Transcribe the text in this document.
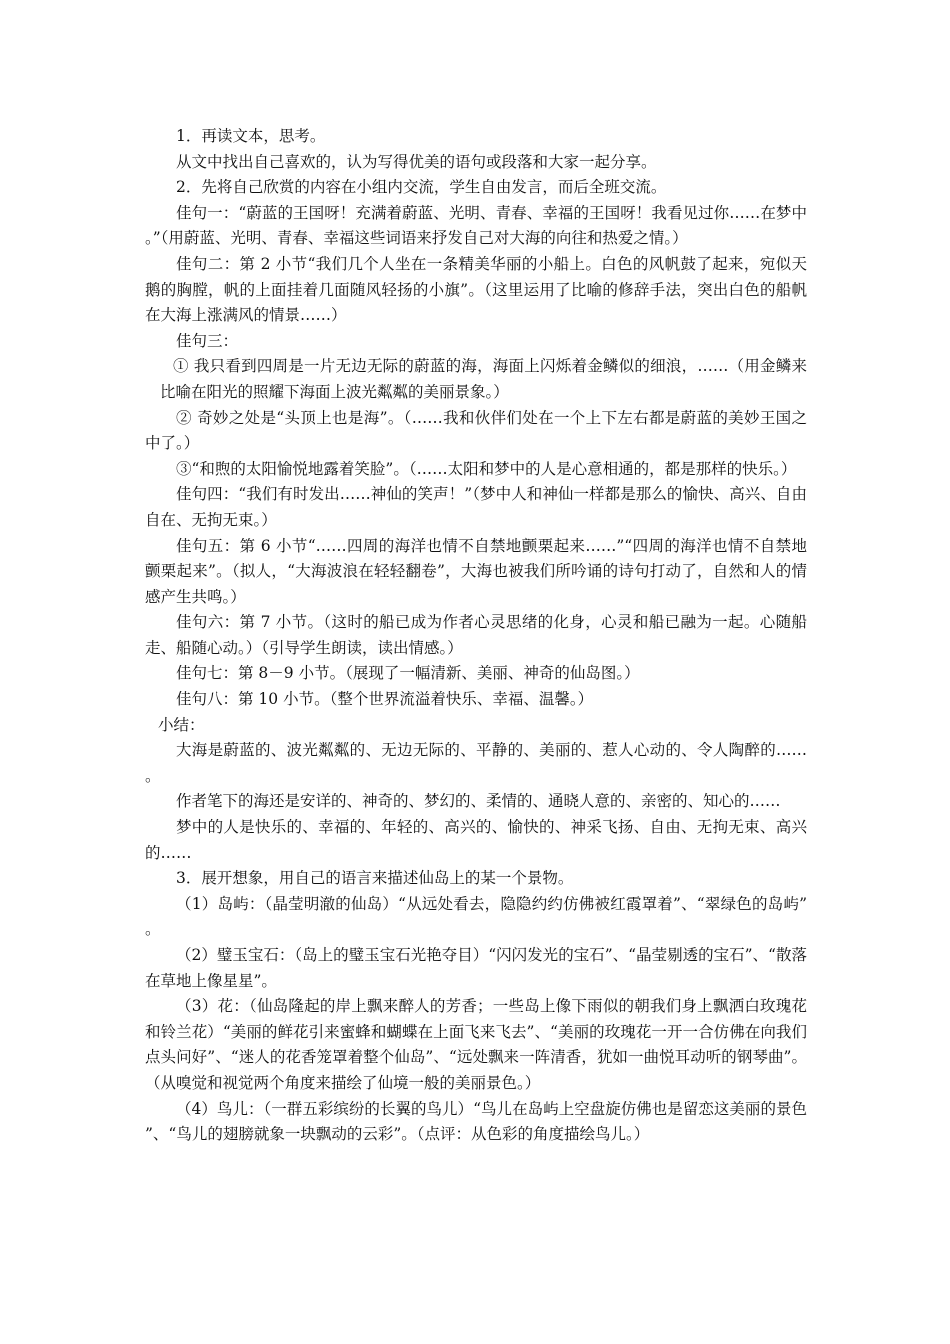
1．再读文本，思考。

从文中找出自己喜欢的，认为写得优美的语句或段落和大家一起分享。

2．先将自己欣赏的内容在小组内交流，学生自由发言，而后全班交流。

佳句一：“蔚蓝的王国呀！充满着蔚蓝、光明、青春、幸福的王国呀！我看见过你……在梦中。”（用蔚蓝、光明、青春、幸福这些词语来抒发自己对大海的向往和热爱之情。）

佳句二：第 2 小节“我们几个人坐在一条精美华丽的小船上。白色的风帆鼓了起来，宛似天鹅的胸膛，帆的上面挂着几面随风轻扬的小旗”。（这里运用了比喻的修辞手法，突出白色的船帆在大海上涨满风的情景……）

佳句三：

① 我只看到四周是一片无边无际的蔚蓝的海，海面上闪烁着金鳞似的细浪，……（用金鳞来比喻在阳光的照耀下海面上波光粼粼的美丽景象。）

② 奇妙之处是“头顶上也是海”。（……我和伙伴们处在一个上下左右都是蔚蓝的美妙王国之中了。）

③“和煦的太阳愉悦地露着笑脸”。（……太阳和梦中的人是心意相通的，都是那样的快乐。）

佳句四：“我们有时发出……神仙的笑声！”（梦中人和神仙一样都是那么的愉快、高兴、自由自在、无拘无束。）

佳句五：第 6 小节“……四周的海洋也情不自禁地颤栗起来……”“四周的海洋也情不自禁地颤栗起来”。（拟人，“大海波浪在轻轻翻卷”，大海也被我们所吟诵的诗句打动了，自然和人的情感产生共鸣。）

佳句六：第 7 小节。（这时的船已成为作者心灵思绪的化身，心灵和船已融为一起。心随船走、船随心动。）（引导学生朗读，读出情感。）

佳句七：第 8－9 小节。（展现了一幅清新、美丽、神奇的仙岛图。）

佳句八：第 10 小节。（整个世界流溢着快乐、幸福、温馨。）

小结：

大海是蔚蓝的、波光粼粼的、无边无际的、平静的、美丽的、惹人心动的、令人陶醉的……。

作者笔下的海还是安详的、神奇的、梦幻的、柔情的、通晓人意的、亲密的、知心的……

梦中的人是快乐的、幸福的、年轻的、高兴的、愉快的、神采飞扬、自由、无拘无束、高兴的……

3．展开想象，用自己的语言来描述仙岛上的某一个景物。

（1）岛屿：（晶莹明澈的仙岛）“从远处看去，隐隐约约仿佛被红霞罩着”、“翠绿色的岛屿”。

（2）璧玉宝石：（岛上的璧玉宝石光艳夺目）“闪闪发光的宝石”、“晶莹剔透的宝石”、“散落在草地上像星星”。

（3）花：（仙岛隆起的岸上飘来醉人的芳香；一些岛上像下雨似的朝我们身上飘洒白玫瑰花和铃兰花）“美丽的鲜花引来蜜蜂和蝴蝶在上面飞来飞去”、“美丽的玫瑰花一开一合仿佛在向我们点头问好”、“迷人的花香笼罩着整个仙岛”、“远处飘来一阵清香，犹如一曲悦耳动听的钢琴曲”。（从嗅觉和视觉两个角度来描绘了仙境一般的美丽景色。）

（4）鸟儿：（一群五彩缤纷的长翼的鸟儿）“鸟儿在岛屿上空盘旋仿佛也是留恋这美丽的景色”、“鸟儿的翅膀就象一块飘动的云彩”。（点评：从色彩的角度描绘鸟儿。）
